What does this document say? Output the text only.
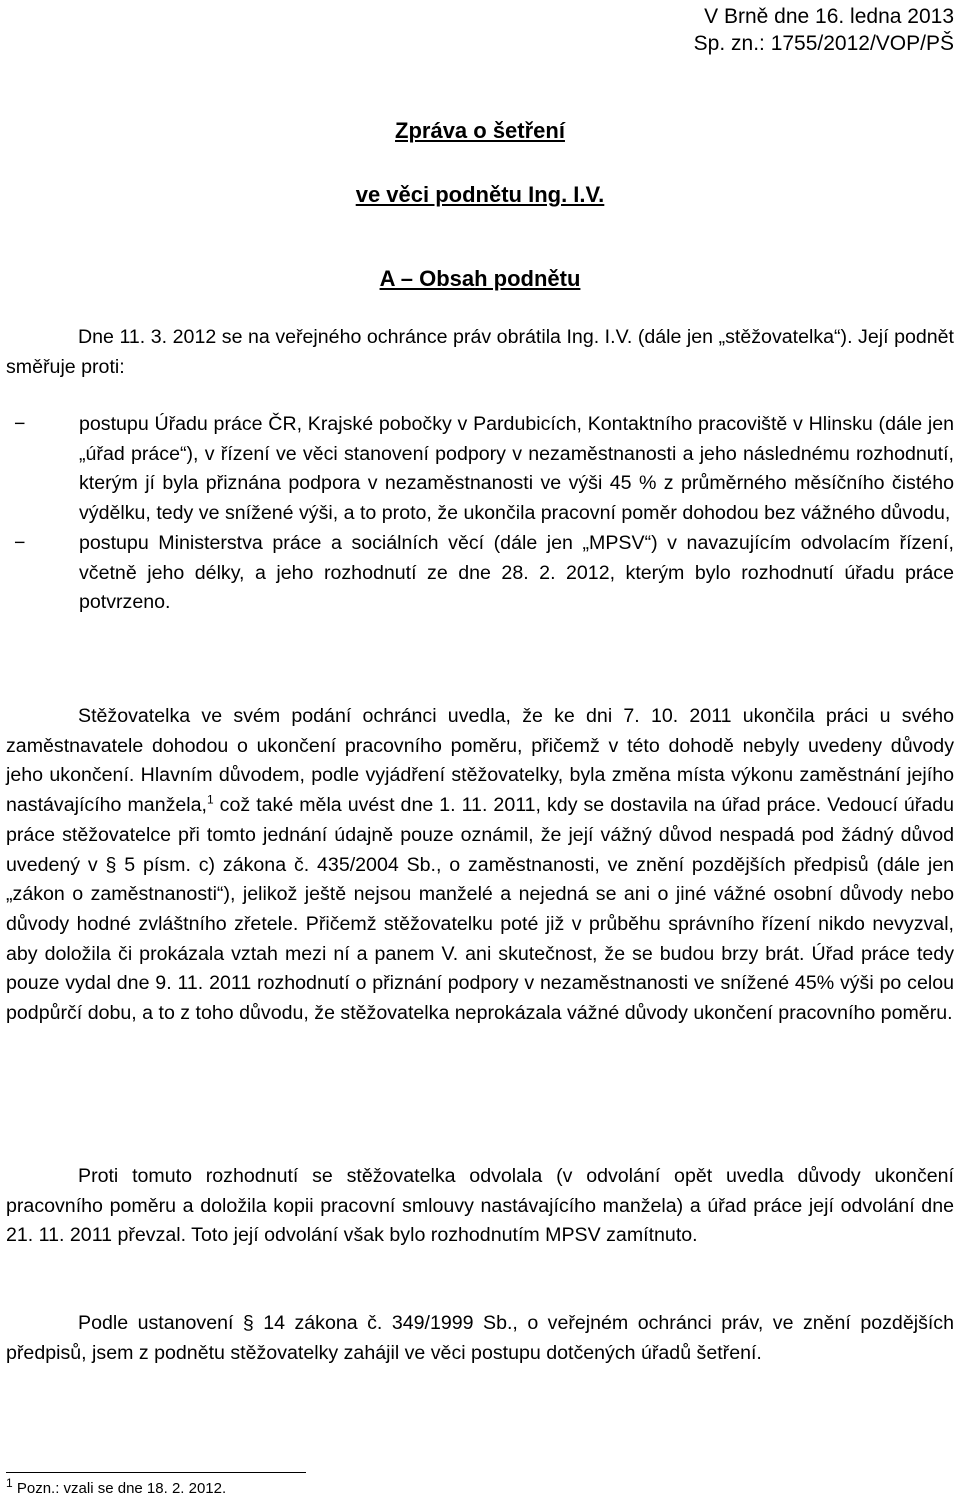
V Brně dne 16. ledna 2013

Sp. zn.: 1755/2012/VOP/PŠ

Zpráva o šetření

ve věci podnětu Ing. I.V.

A – Obsah podnětu

Dne 11. 3. 2012 se na veřejného ochránce práv obrátila Ing. I.V. (dále jen „stěžovatelka“). Její podnět směřuje proti:

−	postupu Úřadu práce ČR, Krajské pobočky v Pardubicích, Kontaktního pracoviště v Hlinsku (dále jen „úřad práce“), v řízení ve věci stanovení podpory v nezaměstnanosti a jeho následnému rozhodnutí, kterým jí byla přiznána podpora v nezaměstnanosti ve výši 45 % z průměrného měsíčního čistého výdělku, tedy ve snížené výši, a to proto, že ukončila pracovní poměr dohodou bez vážného důvodu,
−	postupu Ministerstva práce a sociálních věcí (dále jen „MPSV“) v navazujícím odvolacím řízení, včetně jeho délky, a jeho rozhodnutí ze dne 28. 2. 2012, kterým bylo rozhodnutí úřadu práce potvrzeno.

Stěžovatelka ve svém podání ochránci uvedla, že ke dni 7. 10. 2011 ukončila práci u svého zaměstnavatele dohodou o ukončení pracovního poměru, přičemž v této dohodě nebyly uvedeny důvody jeho ukončení. Hlavním důvodem, podle vyjádření stěžovatelky, byla změna místa výkonu zaměstnání jejího nastávajícího manžela,$^1$ což také měla uvést dne 1. 11. 2011, kdy se dostavila na úřad práce. Vedoucí úřadu práce stěžovatelce při tomto jednání údajně pouze oznámil, že její vážný důvod nespadá pod žádný důvod uvedený v § 5 písm. c) zákona č. 435/2004 Sb., o zaměstnanosti, ve znění pozdějších předpisů (dále jen „zákon o zaměstnanosti“), jelikož ještě nejsou manželé a nejedná se ani o jiné vážné osobní důvody nebo důvody hodné zvláštního zřetele. Přičemž stěžovatelku poté již v průběhu správního řízení nikdo nevyzval, aby doložila či prokázala vztah mezi ní a panem V. ani skutečnost, že se budou brzy brát. Úřad práce tedy pouze vydal dne 9. 11. 2011 rozhodnutí o přiznání podpory v nezaměstnanosti ve snížené 45% výši po celou podpůrčí dobu, a to z toho důvodu, že stěžovatelka neprokázala vážné důvody ukončení pracovního poměru.

Proti tomuto rozhodnutí se stěžovatelka odvolala (v odvolání opět uvedla důvody ukončení pracovního poměru a doložila kopii pracovní smlouvy nastávajícího manžela) a úřad práce její odvolání dne 21. 11. 2011 převzal. Toto její odvolání však bylo rozhodnutím MPSV zamítnuto.

Podle ustanovení § 14 zákona č. 349/1999 Sb., o veřejném ochránci práv, ve znění pozdějších předpisů, jsem z podnětu stěžovatelky zahájil ve věci postupu dotčených úřadů šetření.

$^1$ Pozn.: vzali se dne 18. 2. 2012.
